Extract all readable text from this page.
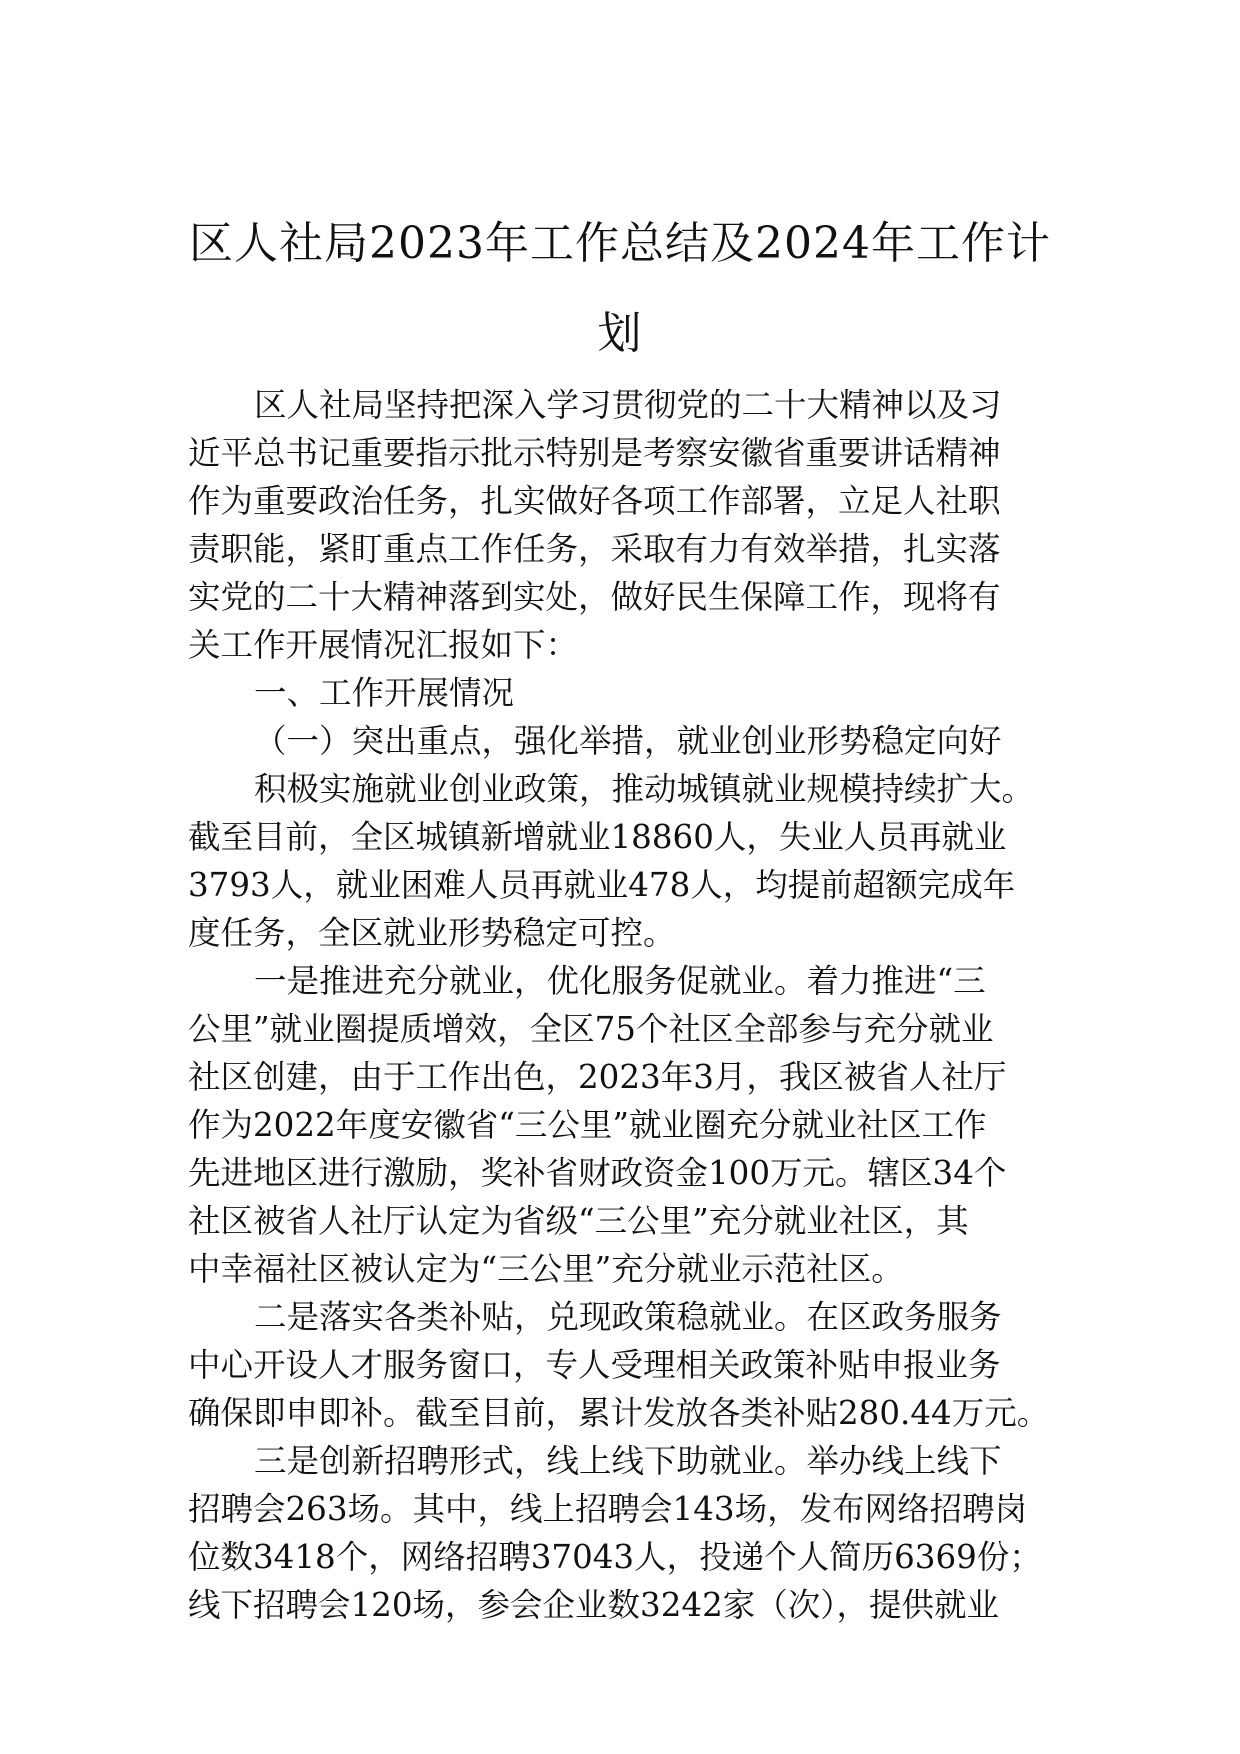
区人社局2023年工作总结及2024年工作计
划
区人社局坚持把深入学习贯彻党的二十大精神以及习
近平总书记重要指示批示特别是考察安徽省重要讲话精神
作为重要政治任务，扎实做好各项工作部署，立足人社职
责职能，紧盯重点工作任务，采取有力有效举措，扎实落
实党的二十大精神落到实处，做好民生保障工作，现将有
关工作开展情况汇报如下：
一、工作开展情况
（一）突出重点，强化举措，就业创业形势稳定向好
积极实施就业创业政策，推动城镇就业规模持续扩大。
截至目前，全区城镇新增就业18860人，失业人员再就业
3793人，就业困难人员再就业478人，均提前超额完成年
度任务，全区就业形势稳定可控。
一是推进充分就业，优化服务促就业。着力推进“三
公里”就业圈提质增效，全区75个社区全部参与充分就业
社区创建，由于工作出色，2023年3月，我区被省人社厅
作为2022年度安徽省“三公里”就业圈充分就业社区工作
先进地区进行激励，奖补省财政资金100万元。辖区34个
社区被省人社厅认定为省级“三公里”充分就业社区，其
中幸福社区被认定为“三公里”充分就业示范社区。
二是落实各类补贴，兑现政策稳就业。在区政务服务
中心开设人才服务窗口，专人受理相关政策补贴申报业务
确保即申即补。截至目前，累计发放各类补贴280.44万元。
三是创新招聘形式，线上线下助就业。举办线上线下
招聘会263场。其中，线上招聘会143场，发布网络招聘岗
位数3418个，网络招聘37043人，投递个人简历6369份；
线下招聘会120场，参会企业数3242家（次），提供就业
